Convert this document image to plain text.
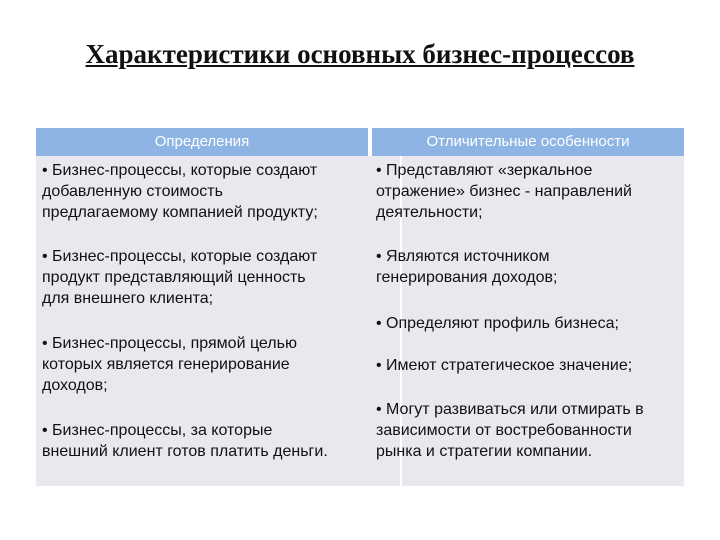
Характеристики основных бизнес-процессов
Определения	Отличительные особенности
• Бизнес-процессы, которые создают
добавленную стоимость
предлагаемому компанией продукту;
• Бизнес-процессы, которые создают
продукт представляющий ценность
для внешнего клиента;
• Бизнес-процессы, прямой целью
которых является генерирование
доходов;
• Бизнес-процессы, за которые
внешний клиент готов платить деньги.
• Представляют «зеркальное
отражение» бизнес - направлений
деятельности;
• Являются источником
генерирования доходов;
• Определяют профиль бизнеса;
• Имеют стратегическое значение;
• Могут развиваться или отмирать в
зависимости от востребованности
рынка и стратегии компании.
